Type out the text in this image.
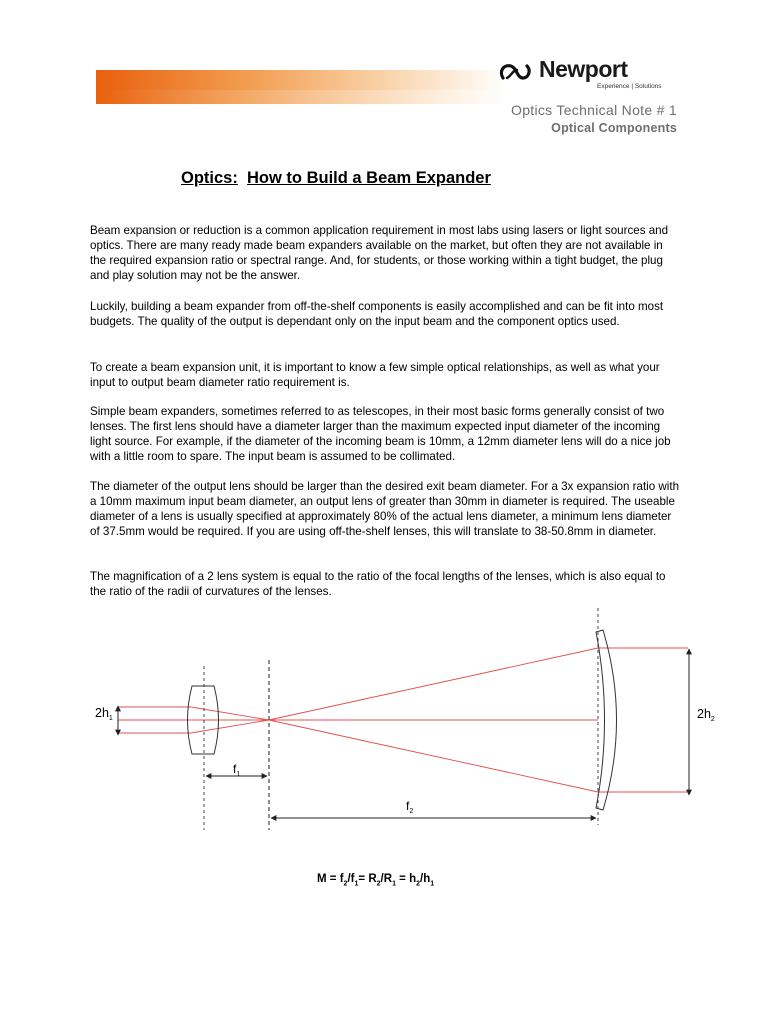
Newport
Experience | Solutions
Optics Technical Note # 1
Optical Components
Optics: How to Build a Beam Expander

Beam expansion or reduction is a common application requirement in most labs using lasers or light sources and optics. There are many ready made beam expanders available on the market, but often they are not available in the required expansion ratio or spectral range. And, for students, or those working within a tight budget, the plug and play solution may not be the answer.

Luckily, building a beam expander from off-the-shelf components is easily accomplished and can be fit into most budgets. The quality of the output is dependant only on the input beam and the component optics used.

To create a beam expansion unit, it is important to know a few simple optical relationships, as well as what your input to output beam diameter ratio requirement is.

Simple beam expanders, sometimes referred to as telescopes, in their most basic forms generally consist of two lenses. The first lens should have a diameter larger than the maximum expected input diameter of the incoming light source. For example, if the diameter of the incoming beam is 10mm, a 12mm diameter lens will do a nice job with a little room to spare. The input beam is assumed to be collimated.

The diameter of the output lens should be larger than the desired exit beam diameter. For a 3x expansion ratio with a 10mm maximum input beam diameter, an output lens of greater than 30mm in diameter is required. The useable diameter of a lens is usually specified at approximately 80% of the actual lens diameter, a minimum lens diameter of 37.5mm would be required. If you are using off-the-shelf lenses, this will translate to 38-50.8mm in diameter.

The magnification of a 2 lens system is equal to the ratio of the focal lengths of the lenses, which is also equal to the ratio of the radii of curvatures of the lenses.

$2h_1$	$2h_2$
$f_1$
$f_2$
$M = f_2/f_1= R_2/R_1 = h_2/h_1$
